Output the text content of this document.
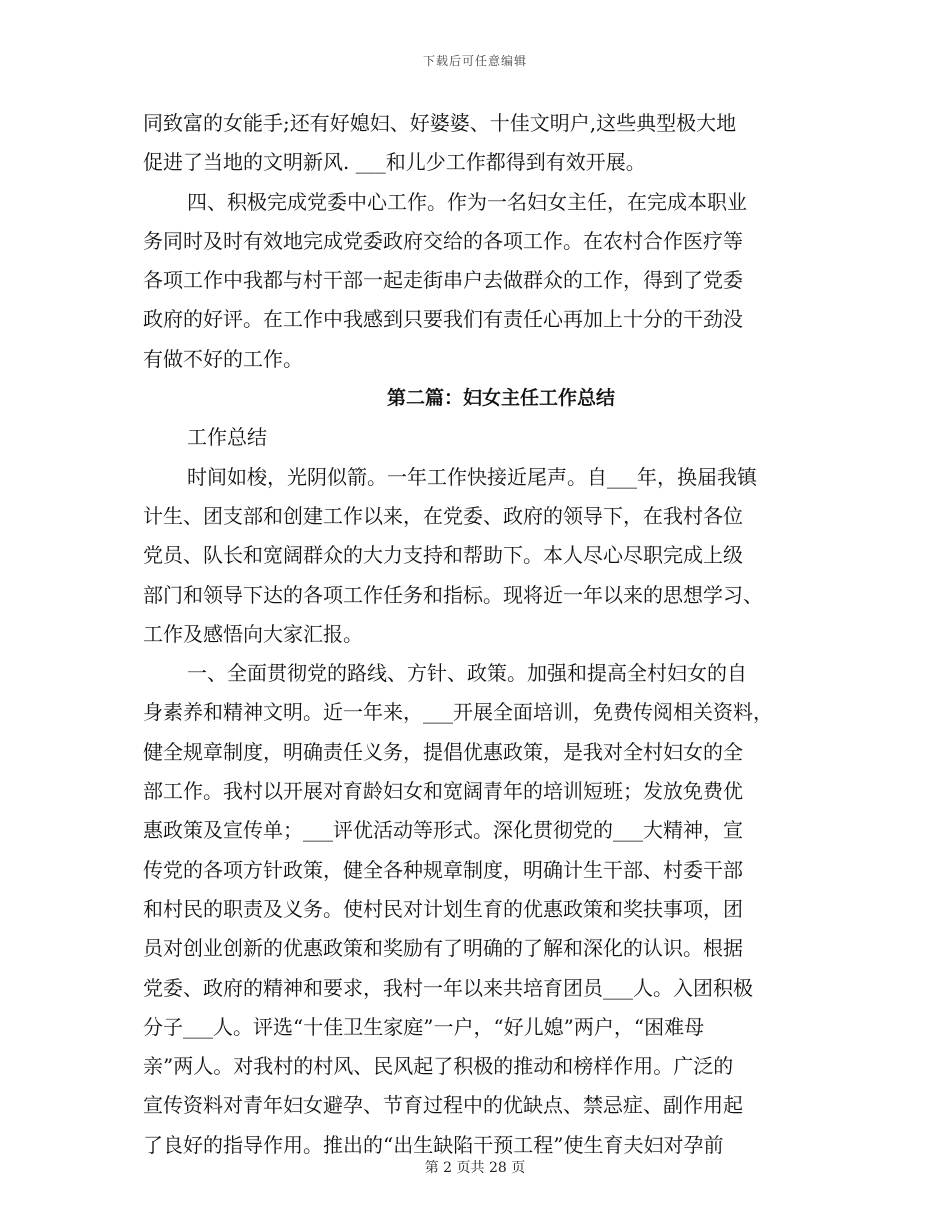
下载后可任意编辑
同致富的女能手;还有好媳妇、好婆婆、十佳文明户,这些典型极大地
促进了当地的文明新风. ___和儿少工作都得到有效开展。
四、积极完成党委中心工作。作为一名妇女主任，在完成本职业
务同时及时有效地完成党委政府交给的各项工作。在农村合作医疗等
各项工作中我都与村干部一起走街串户去做群众的工作，得到了党委
政府的好评。在工作中我感到只要我们有责任心再加上十分的干劲没
有做不好的工作。
第二篇：妇女主任工作总结
工作总结
时间如梭，光阴似箭。一年工作快接近尾声。自___年，换届我镇
计生、团支部和创建工作以来，在党委、政府的领导下，在我村各位
党员、队长和宽阔群众的大力支持和帮助下。本人尽心尽职完成上级
部门和领导下达的各项工作任务和指标。现将近一年以来的思想学习、
工作及感悟向大家汇报。
一、全面贯彻党的路线、方针、政策。加强和提高全村妇女的自
身素养和精神文明。近一年来，___开展全面培训，免费传阅相关资料，
健全规章制度，明确责任义务，提倡优惠政策，是我对全村妇女的全
部工作。我村以开展对育龄妇女和宽阔青年的培训短班；发放免费优
惠政策及宣传单；___评优活动等形式。深化贯彻党的___大精神，宣
传党的各项方针政策，健全各种规章制度，明确计生干部、村委干部
和村民的职责及义务。使村民对计划生育的优惠政策和奖扶事项，团
员对创业创新的优惠政策和奖励有了明确的了解和深化的认识。根据
党委、政府的精神和要求，我村一年以来共培育团员___人。入团积极
分子___人。评选“十佳卫生家庭”一户，“好儿媳”两户，“困难母
亲”两人。对我村的村风、民风起了积极的推动和榜样作用。广泛的
宣传资料对青年妇女避孕、节育过程中的优缺点、禁忌症、副作用起
了良好的指导作用。推出的“出生缺陷干预工程”使生育夫妇对孕前
第 2 页共 28 页
